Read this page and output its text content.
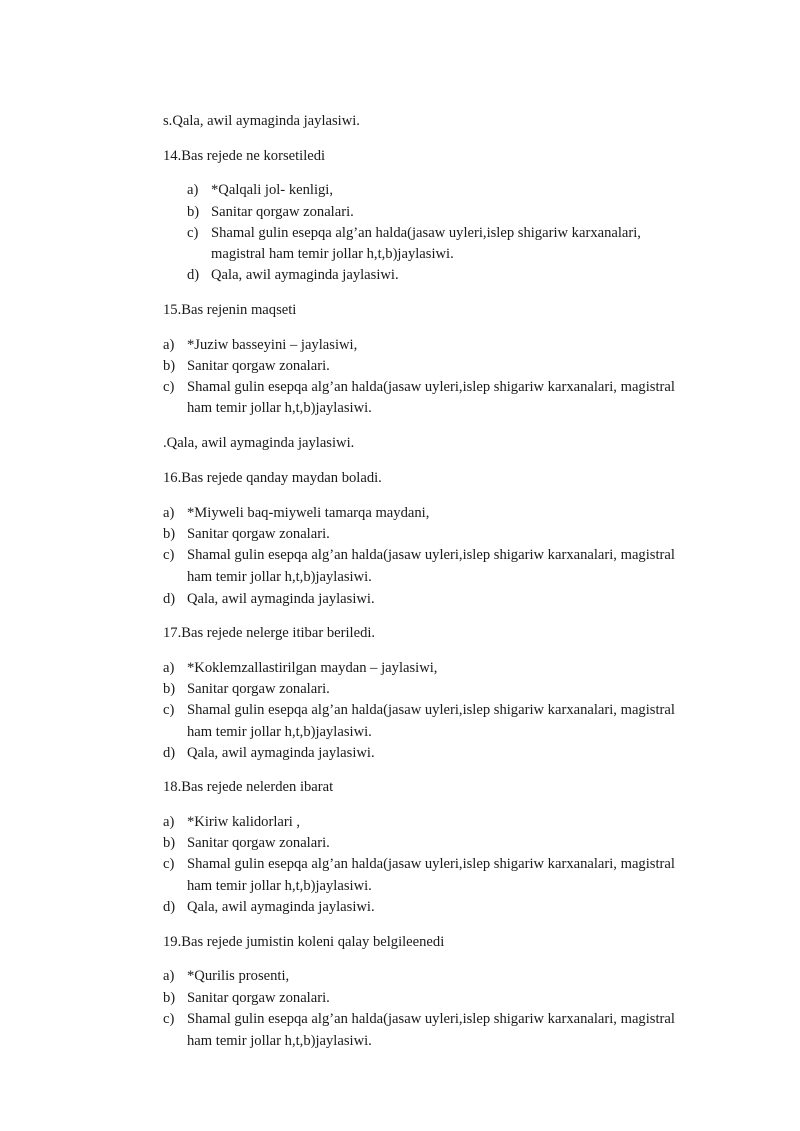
s.Qala, awil aymaginda jaylasiwi.
14.Bas rejede ne korsetiledi
a) *Qalqali jol- kenligi,
b) Sanitar qorgaw zonalari.
c) Shamal gulin esepqa alg’an halda(jasaw uyleri,islep shigariw karxanalari,
magistral ham temir jollar h,t,b)jaylasiwi.
d) Qala, awil aymaginda jaylasiwi.
15.Bas rejenin maqseti
a) *Juziw basseyini – jaylasiwi,
b) Sanitar qorgaw zonalari.
c) Shamal gulin esepqa alg’an halda(jasaw uyleri,islep shigariw karxanalari, magistral
ham temir jollar h,t,b)jaylasiwi.
.Qala, awil aymaginda jaylasiwi.
16.Bas rejede qanday maydan boladi.
a) *Miyweli baq-miyweli tamarqa maydani,
b) Sanitar qorgaw zonalari.
c) Shamal gulin esepqa alg’an halda(jasaw uyleri,islep shigariw karxanalari, magistral
ham temir jollar h,t,b)jaylasiwi.
d) Qala, awil aymaginda jaylasiwi.
17.Bas rejede nelerge itibar beriledi.
a) *Koklemzallastirilgan maydan – jaylasiwi,
b) Sanitar qorgaw zonalari.
c) Shamal gulin esepqa alg’an halda(jasaw uyleri,islep shigariw karxanalari, magistral
ham temir jollar h,t,b)jaylasiwi.
d) Qala, awil aymaginda jaylasiwi.
18.Bas rejede nelerden ibarat
a) *Kiriw kalidorlari ,
b) Sanitar qorgaw zonalari.
c) Shamal gulin esepqa alg’an halda(jasaw uyleri,islep shigariw karxanalari, magistral
ham temir jollar h,t,b)jaylasiwi.
d) Qala, awil aymaginda jaylasiwi.
19.Bas rejede jumistin koleni qalay belgileenedi
a) *Qurilis prosenti,
b) Sanitar qorgaw zonalari.
c) Shamal gulin esepqa alg’an halda(jasaw uyleri,islep shigariw karxanalari, magistral
ham temir jollar h,t,b)jaylasiwi.
